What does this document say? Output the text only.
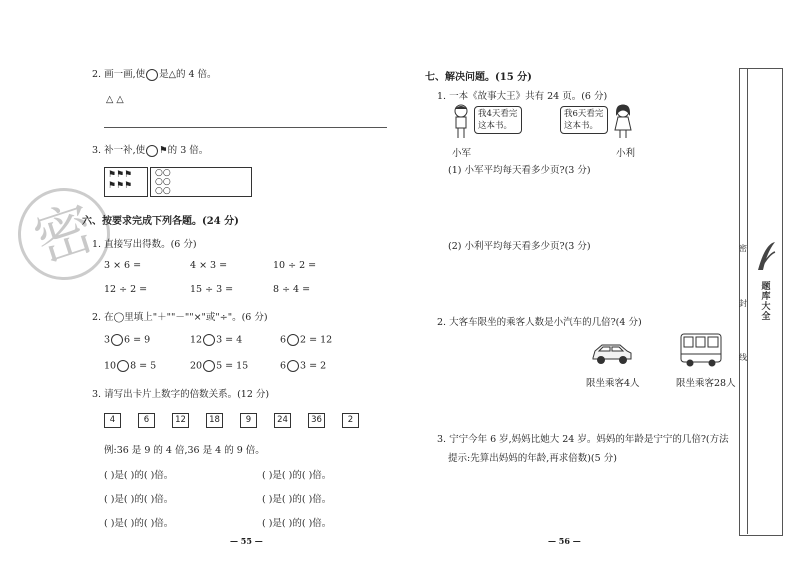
密
2. 画一画,使 是△的 4 倍。
△ △
3. 补一补,使 ⚑的 3 倍。
⚑⚑⚑
⚑⚑⚑
○○
○○
○○
六、按要求完成下列各题。(24 分)
1. 直接写出得数。(6 分)
3 × 6 =	4 × 3 =	10 ÷ 2 =
12 ÷ 2 =	15 ÷ 3 =	8 ÷ 4 =
2. 在◯里填上"＋""－""×"或"÷"。(6 分)
3 6 = 9	12 3 = 4	6 2 = 12
10 8 = 5	20 5 = 15	6 3 = 2
3. 请写出卡片上数字的倍数关系。(12 分)
4	6	12	18	9	24	36	2
例:36 是 9 的 4 倍,36 是 4 的 9 倍。
( )是( )的( )倍。	( )是( )的( )倍。
( )是( )的( )倍。	( )是( )的( )倍。
( )是( )的( )倍。	( )是( )的( )倍。
— 55 —
七、解决问题。(15 分)
1. 一本《故事大王》共有 24 页。(6 分)
我4天看完这本书。
小军
我6天看完这本书。
小利
(1) 小军平均每天看多少页?(3 分)
(2) 小利平均每天看多少页?(3 分)
2. 大客车限坐的乘客人数是小汽车的几倍?(4 分)
限坐乘客4人	限坐乘客28人
3. 宁宁今年 6 岁,妈妈比她大 24 岁。妈妈的年龄是宁宁的几倍?(方法
提示:先算出妈妈的年龄,再求倍数)(5 分)
— 56 —
密
封
线
题库大全
